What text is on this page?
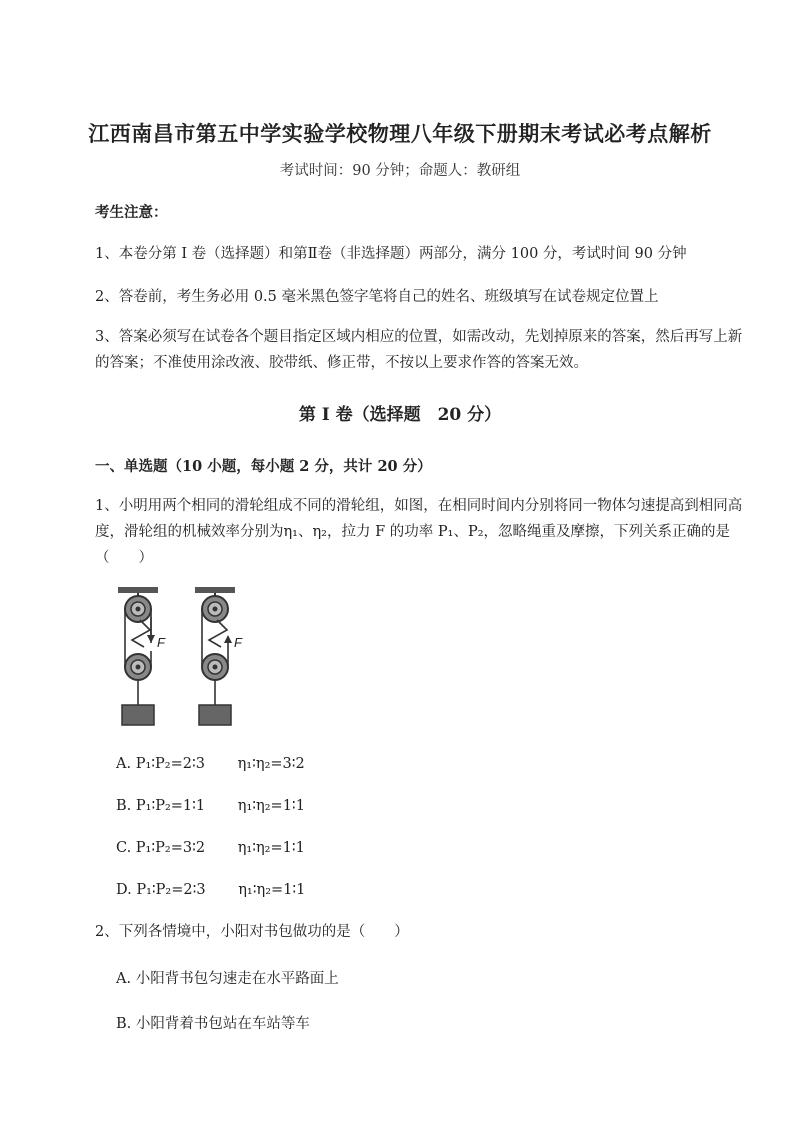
江西南昌市第五中学实验学校物理八年级下册期末考试必考点解析
考试时间：90 分钟；命题人：教研组
考生注意：
1、本卷分第 I 卷（选择题）和第Ⅱ卷（非选择题）两部分，满分 100 分，考试时间 90 分钟
2、答卷前，考生务必用 0.5 毫米黑色签字笔将自己的姓名、班级填写在试卷规定位置上
3、答案必须写在试卷各个题目指定区域内相应的位置，如需改动，先划掉原来的答案，然后再写上新的答案；不准使用涂改液、胶带纸、修正带，不按以上要求作答的答案无效。
第 I 卷（选择题　20 分）
一、单选题（10 小题，每小题 2 分，共计 20 分）
1、小明用两个相同的滑轮组成不同的滑轮组，如图，在相同时间内分别将同一物体匀速提高到相同高度，滑轮组的机械效率分别为η₁、η₂，拉力 F 的功率 P₁、P₂，忽略绳重及摩擦，下列关系正确的是（　　）
F	F
A. P₁∶P₂=2∶3 η₁∶η₂=3∶2
B. P₁∶P₂=1∶1 η₁∶η₂=1∶1
C. P₁∶P₂=3∶2 η₁∶η₂=1∶1
D. P₁∶P₂=2∶3 η₁∶η₂=1∶1
2、下列各情境中，小阳对书包做功的是（　　）
A. 小阳背书包匀速走在水平路面上
B. 小阳背着书包站在车站等车
